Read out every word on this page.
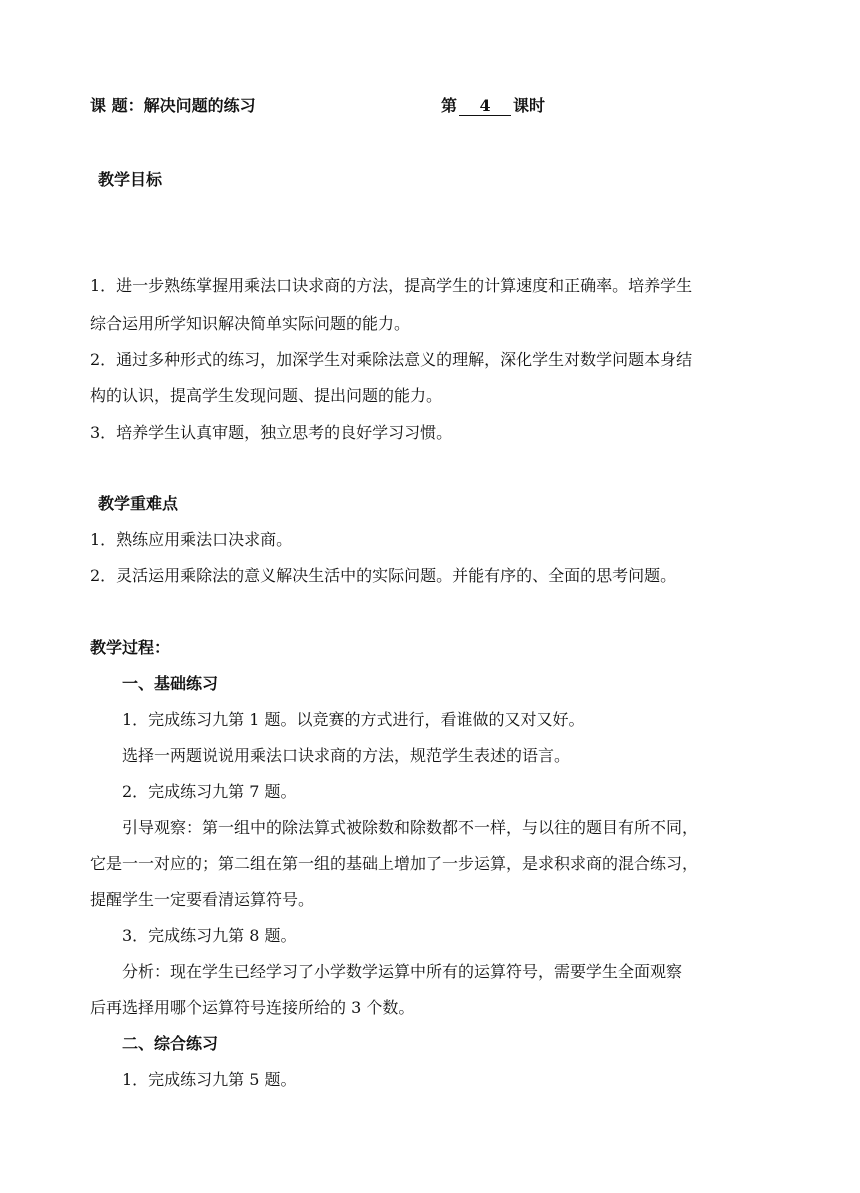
课 题：解决问题的练习	第 4 课时
教学目标
1．进一步熟练掌握用乘法口诀求商的方法，提高学生的计算速度和正确率。培养学生
综合运用所学知识解决简单实际问题的能力。
2．通过多种形式的练习，加深学生对乘除法意义的理解，深化学生对数学问题本身结
构的认识，提高学生发现问题、提出问题的能力。
3．培养学生认真审题，独立思考的良好学习习惯。
教学重难点
1．熟练应用乘法口决求商。
2．灵活运用乘除法的意义解决生活中的实际问题。并能有序的、全面的思考问题。
教学过程：
一、基础练习
1．完成练习九第 1 题。以竞赛的方式进行，看谁做的又对又好。
选择一两题说说用乘法口诀求商的方法，规范学生表述的语言。
2．完成练习九第 7 题。
引导观察：第一组中的除法算式被除数和除数都不一样，与以往的题目有所不同，
它是一一对应的；第二组在第一组的基础上增加了一步运算，是求积求商的混合练习，
提醒学生一定要看清运算符号。
3．完成练习九第 8 题。
分析：现在学生已经学习了小学数学运算中所有的运算符号，需要学生全面观察
后再选择用哪个运算符号连接所给的 3 个数。
二、综合练习
1．完成练习九第 5 题。
